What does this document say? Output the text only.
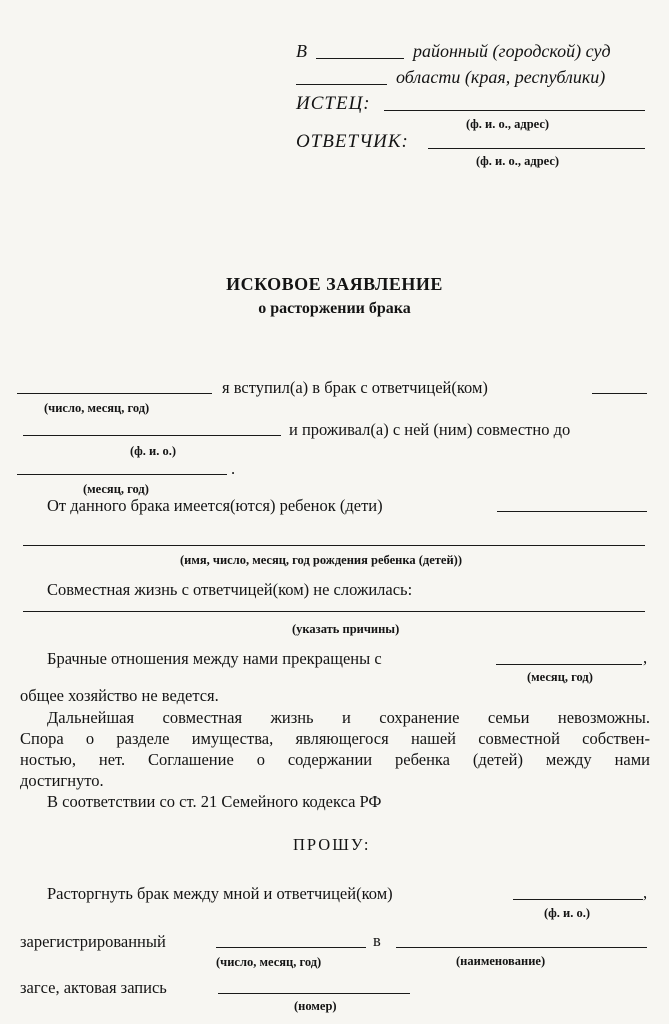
В	районный (городской) суд
области (края, республики)
ИСТЕЦ:
(ф. и. о., адрес)
ОТВЕТЧИК:
(ф. и. о., адрес)
ИСКОВОЕ ЗАЯВЛЕНИЕ
о расторжении брака
я вступил(а) в брак с ответчицей(ком)
(число, месяц, год)
и проживал(а) с ней (ним) совместно до
(ф. и. о.)
.
(месяц, год)
От данного брака имеется(ются) ребенок (дети)
(имя, число, месяц, год рождения ребенка (детей))
Совместная жизнь с ответчицей(ком) не сложилась:
(указать причины)
Брачные отношения между нами прекращены с	,
(месяц, год)
общее хозяйство не ведется.
Дальнейшая совместная жизнь и сохранение семьи невозможны.
Спора о разделе имущества, являющегося нашей совместной собствен-
ностью, нет. Соглашение о содержании ребенка (детей) между нами
достигнуто.
В соответствии со ст. 21 Семейного кодекса РФ
ПРОШУ:
Расторгнуть брак между мной и ответчицей(ком)	,
(ф. и. о.)
зарегистрированный	в
(число, месяц, год)	(наименование)
загсе, актовая запись
(номер)
